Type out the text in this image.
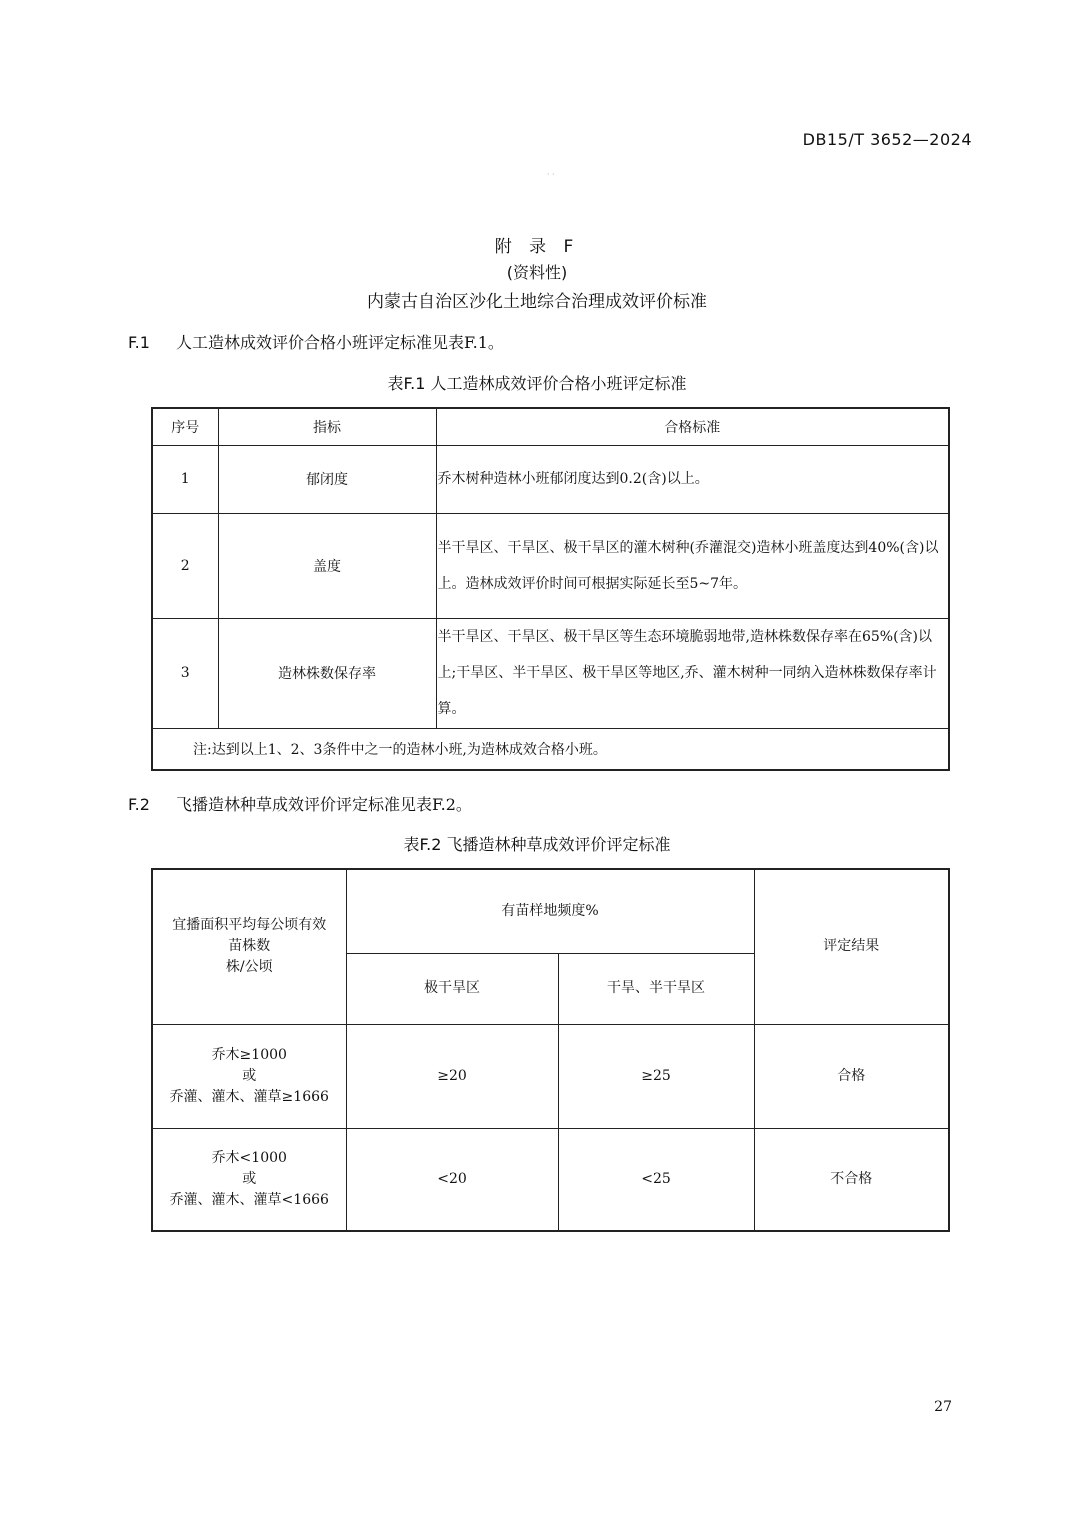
DB15/T 3652—2024
· ·
附 录 F
(资料性)
内蒙古自治区沙化土地综合治理成效评价标准
F.1 人工造林成效评价合格小班评定标准见表F.1。
表F.1 人工造林成效评价合格小班评定标准
序号	指标	合格标准
1	郁闭度	乔木树种造林小班郁闭度达到0.2(含)以上。
2	盖度	半干旱区、干旱区、极干旱区的灌木树种(乔灌混交)造林小班盖度达到40%(含)以上。造林成效评价时间可根据实际延长至5~7年。
3	造林株数保存率	半干旱区、干旱区、极干旱区等生态环境脆弱地带,造林株数保存率在65%(含)以上;干旱区、半干旱区、极干旱区等地区,乔、灌木树种一同纳入造林株数保存率计算。
注:达到以上1、2、3条件中之一的造林小班,为造林成效合格小班。		
F.2 飞播造林种草成效评价评定标准见表F.2。
表F.2 飞播造林种草成效评价评定标准
宜播面积平均每公顷有效
苗株数
株/公顷	有苗样地频度%		评定结果
	极干旱区	干旱、半干旱区	

乔木≥1000
或
乔灌、灌木、灌草≥1666	≥20	≥25	合格

乔木<1000
或
乔灌、灌木、灌草<1666	<20	<25	不合格
27
